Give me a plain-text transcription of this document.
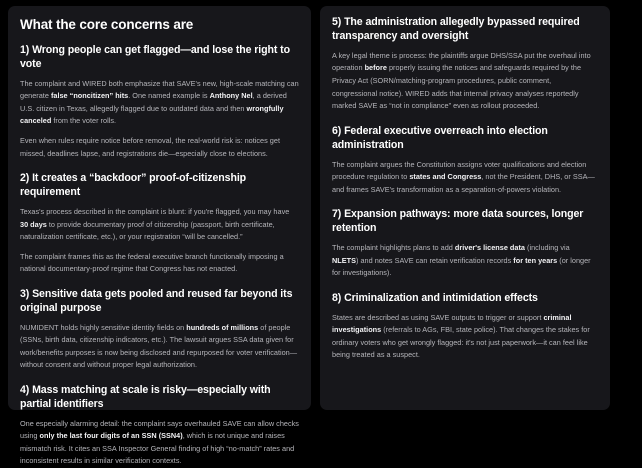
What the core concerns are
1) Wrong people can get flagged—and lose the right to vote

The complaint and WIRED both emphasize that SAVE's new, high-scale matching can generate false “noncitizen” hits. One named example is Anthony Nel, a derived U.S. citizen in Texas, allegedly flagged due to outdated data and then wrongfully canceled from the voter rolls.

Even when rules require notice before removal, the real-world risk is: notices get missed, deadlines lapse, and registrations die—especially close to elections.

2) It creates a “backdoor” proof-of-citizenship requirement

Texas's process described in the complaint is blunt: if you're flagged, you may have 30 days to provide documentary proof of citizenship (passport, birth certificate, naturalization certificate, etc.), or your registration “will be cancelled.”

The complaint frames this as the federal executive branch functionally imposing a national documentary-proof regime that Congress has not enacted.

3) Sensitive data gets pooled and reused far beyond its original purpose

NUMIDENT holds highly sensitive identity fields on hundreds of millions of people (SSNs, birth data, citizenship indicators, etc.). The lawsuit argues SSA data given for work/benefits purposes is now being disclosed and repurposed for voter verification—without consent and without proper legal authorization.

4) Mass matching at scale is risky—especially with partial identifiers

One especially alarming detail: the complaint says overhauled SAVE can allow checks using only the last four digits of an SSN (SSN4), which is not unique and raises mismatch risk. It cites an SSA Inspector General finding of high “no-match” rates and inconsistent results in similar verification contexts.

5) The administration allegedly bypassed required transparency and oversight

A key legal theme is process: the plaintiffs argue DHS/SSA put the overhaul into operation before properly issuing the notices and safeguards required by the Privacy Act (SORN/matching-program procedures, public comment, congressional notice). WIRED adds that internal privacy analyses reportedly marked SAVE as “not in compliance” even as rollout proceeded.

6) Federal executive overreach into election administration

The complaint argues the Constitution assigns voter qualifications and election procedure regulation to states and Congress, not the President, DHS, or SSA—and frames SAVE's transformation as a separation-of-powers violation.

7) Expansion pathways: more data sources, longer retention

The complaint highlights plans to add driver's license data (including via NLETS) and notes SAVE can retain verification records for ten years (or longer for investigations).

8) Criminalization and intimidation effects

States are described as using SAVE outputs to trigger or support criminal investigations (referrals to AGs, FBI, state police). That changes the stakes for ordinary voters who get wrongly flagged: it's not just paperwork—it can feel like being treated as a suspect.
